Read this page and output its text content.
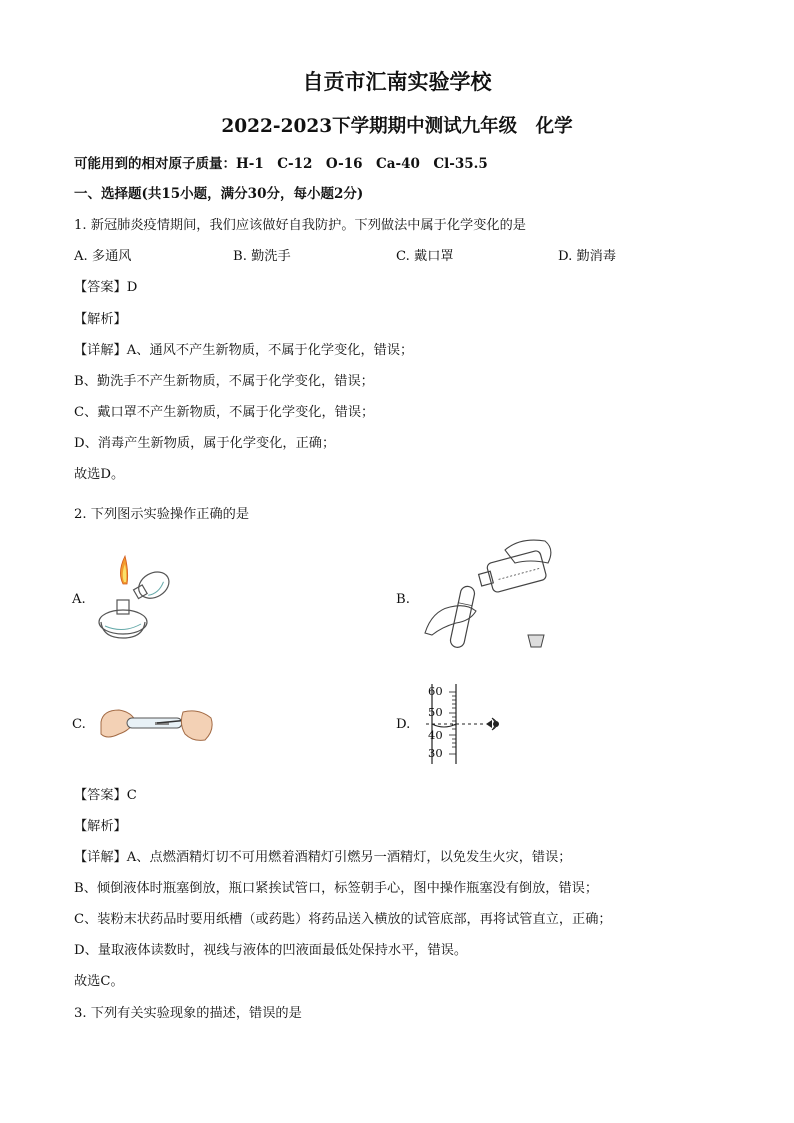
自贡市汇南实验学校
2022-2023下学期期中测试九年级　化学
可能用到的相对原子质量：H-1　C-12　O-16　Ca-40　Cl-35.5
一、选择题(共15小题，满分30分，每小题2分)
1. 新冠肺炎疫情期间，我们应该做好自我防护。下列做法中属于化学变化的是
A. 多通风	B. 勤洗手	C. 戴口罩	D. 勤消毒
【答案】D
【解析】
【详解】A、通风不产生新物质，不属于化学变化，错误；
B、勤洗手不产生新物质，不属于化学变化，错误；
C、戴口罩不产生新物质，不属于化学变化，错误；
D、消毒产生新物质，属于化学变化，正确；
故选D。
2. 下列图示实验操作正确的是
A.	B.
C.	D.
60
50
40
30
【答案】C
【解析】
【详解】A、点燃酒精灯切不可用燃着酒精灯引燃另一酒精灯，以免发生火灾，错误；
B、倾倒液体时瓶塞倒放，瓶口紧挨试管口，标签朝手心，图中操作瓶塞没有倒放，错误；
C、装粉末状药品时要用纸槽（或药匙）将药品送入横放的试管底部，再将试管直立，正确；
D、量取液体读数时，视线与液体的凹液面最低处保持水平，错误。
故选C。
3. 下列有关实验现象的描述，错误的是
